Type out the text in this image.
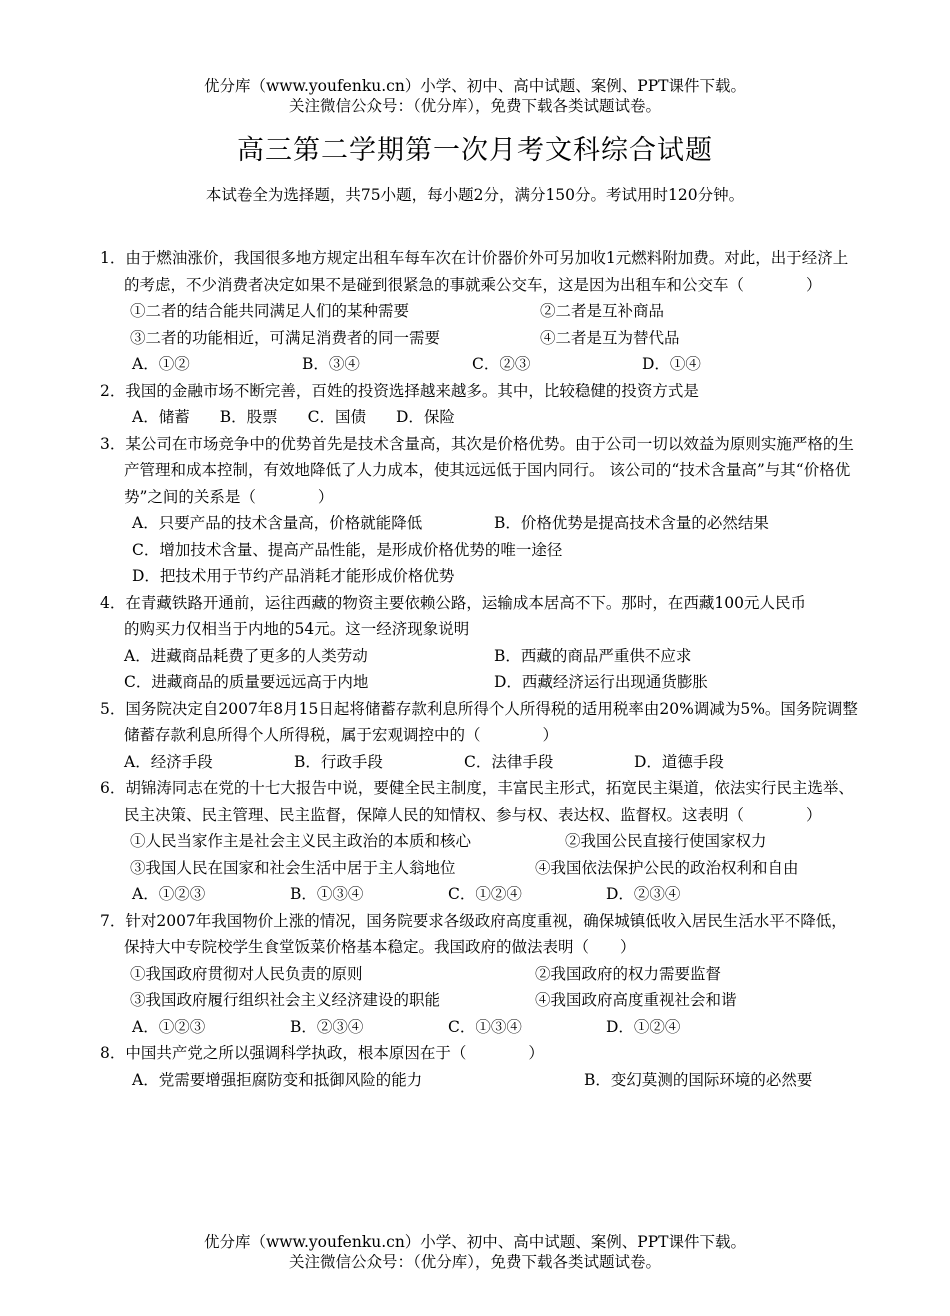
优分库（www.youfenku.cn）小学、初中、高中试题、案例、PPT课件下载。
关注微信公众号：（优分库），免费下载各类试题试卷。
高三第二学期第一次月考文科综合试题
本试卷全为选择题，共75小题，每小题2分，满分150分。考试用时120分钟。
1．由于燃油涨价，我国很多地方规定出租车每车次在计价器价外可另加收1元燃料附加费。对此，出于经济上的考虑，不少消费者决定如果不是碰到很紧急的事就乘公交车，这是因为出租车和公交车（　　　　）
①二者的结合能共同满足人们的某种需要	②二者是互补商品
③二者的功能相近，可满足消费者的同一需要	④二者是互为替代品
A．①②	B．③④	C．②③	D．①④
2．我国的金融市场不断完善，百姓的投资选择越来越多。其中，比较稳健的投资方式是
A．储蓄 B．股票 C．国债 D．保险
3．某公司在市场竞争中的优势首先是技术含量高，其次是价格优势。由于公司一切以效益为原则实施严格的生产管理和成本控制，有效地降低了人力成本，使其远远低于国内同行。 该公司的“技术含量高”与其“价格优势”之间的关系是（　　　　）
A．只要产品的技术含量高，价格就能降低	B．价格优势是提高技术含量的必然结果
C．增加技术含量、提高产品性能，是形成价格优势的唯一途径
D．把技术用于节约产品消耗才能形成价格优势
4．在青藏铁路开通前，运往西藏的物资主要依赖公路，运输成本居高不下。那时，在西藏100元人民币的购买力仅相当于内地的54元。这一经济现象说明
A．进藏商品耗费了更多的人类劳动	B．西藏的商品严重供不应求
C．进藏商品的质量要远远高于内地	D．西藏经济运行出现通货膨胀
5．国务院决定自2007年8月15日起将储蓄存款利息所得个人所得税的适用税率由20%调减为5%。国务院调整储蓄存款利息所得个人所得税，属于宏观调控中的（　　　　）
A．经济手段	B．行政手段	C．法律手段	D．道德手段
6．胡锦涛同志在党的十七大报告中说，要健全民主制度，丰富民主形式，拓宽民主渠道，依法实行民主选举、民主决策、民主管理、民主监督，保障人民的知情权、参与权、表达权、监督权。这表明（　　　　）
①人民当家作主是社会主义民主政治的本质和核心	②我国公民直接行使国家权力
③我国人民在国家和社会生活中居于主人翁地位	④我国依法保护公民的政治权利和自由
A．①②③	B．①③④	C．①②④	D．②③④
7．针对2007年我国物价上涨的情况，国务院要求各级政府高度重视，确保城镇低收入居民生活水平不降低，保持大中专院校学生食堂饭菜价格基本稳定。我国政府的做法表明（　　）
①我国政府贯彻对人民负责的原则	②我国政府的权力需要监督
③我国政府履行组织社会主义经济建设的职能	④我国政府高度重视社会和谐
A．①②③	B．②③④	C．①③④	D．①②④
8．中国共产党之所以强调科学执政，根本原因在于（　　　　）
A．党需要增强拒腐防变和抵御风险的能力	B．变幻莫测的国际环境的必然要
优分库（www.youfenku.cn）小学、初中、高中试题、案例、PPT课件下载。
关注微信公众号：（优分库），免费下载各类试题试卷。
